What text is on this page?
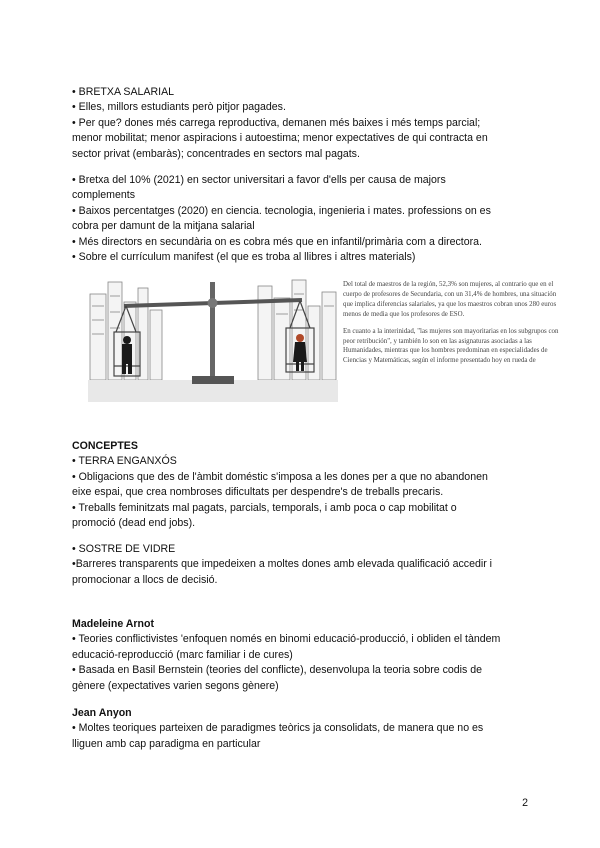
• BRETXA SALARIAL

• Elles, millors estudiants però pitjor pagades.

• Per que? dones més carrega reproductiva, demanen més baixes i més temps parcial;

menor mobilitat; menor aspiracions i autoestima; menor expectatives de qui contracta en

sector privat (embaràs); concentrades en sectors mal pagats.

• Bretxa del 10% (2021) en sector universitari a favor d'ells per causa de majors

complements

• Baixos percentatges (2020) en ciencia. tecnologia, ingenieria i mates. professions on es

cobra per damunt de la mitjana salarial

• Més directors en secundària on es cobra més que en infantil/primària com a directora.

• Sobre el currículum manifest (el que es troba al llibres i altres materials)

Del total de maestros de la región, 52,3% son mujeres, al contrario que en el cuerpo de profesores de Secundaria, con un 31,4% de hombres, una situación que implica diferencias salariales, ya que los maestros cobran unos 280 euros menos de media que los profesores de ESO.

En cuanto a la interinidad, "las mujeres son mayoritarias en los subgrupos con peor retribución", y también lo son en las asignaturas asociadas a las Humanidades, mientras que los hombres predominan en especialidades de Ciencias y Matemáticas, según el informe presentado hoy en rueda de

CONCEPTES

• TERRA ENGANXÓS

• Obligacions que des de l'àmbit doméstic s'imposa a les dones per a que no abandonen

eixe espai, que crea nombroses dificultats per despendre's de treballs precaris.

• Treballs feminitzats mal pagats, parcials, temporals, i amb poca o cap mobilitat o

promoció (dead end jobs).

• SOSTRE DE VIDRE

•Barreres transparents que impedeixen a moltes dones amb elevada qualificació accedir i

promocionar a llocs de decisió.

Madeleine Arnot

• Teories conflictivistes 'enfoquen només en binomi educació-producció, i obliden el tàndem

educació-reproducció (marc familiar i de cures)

• Basada en Basil Bernstein (teories del conflicte), desenvolupa la teoria sobre codis de

gènere (expectatives varien segons gènere)

Jean Anyon

• Moltes teoriques parteixen de paradigmes teòrics ja consolidats, de manera que no es

lliguen amb cap paradigma en particular

2
